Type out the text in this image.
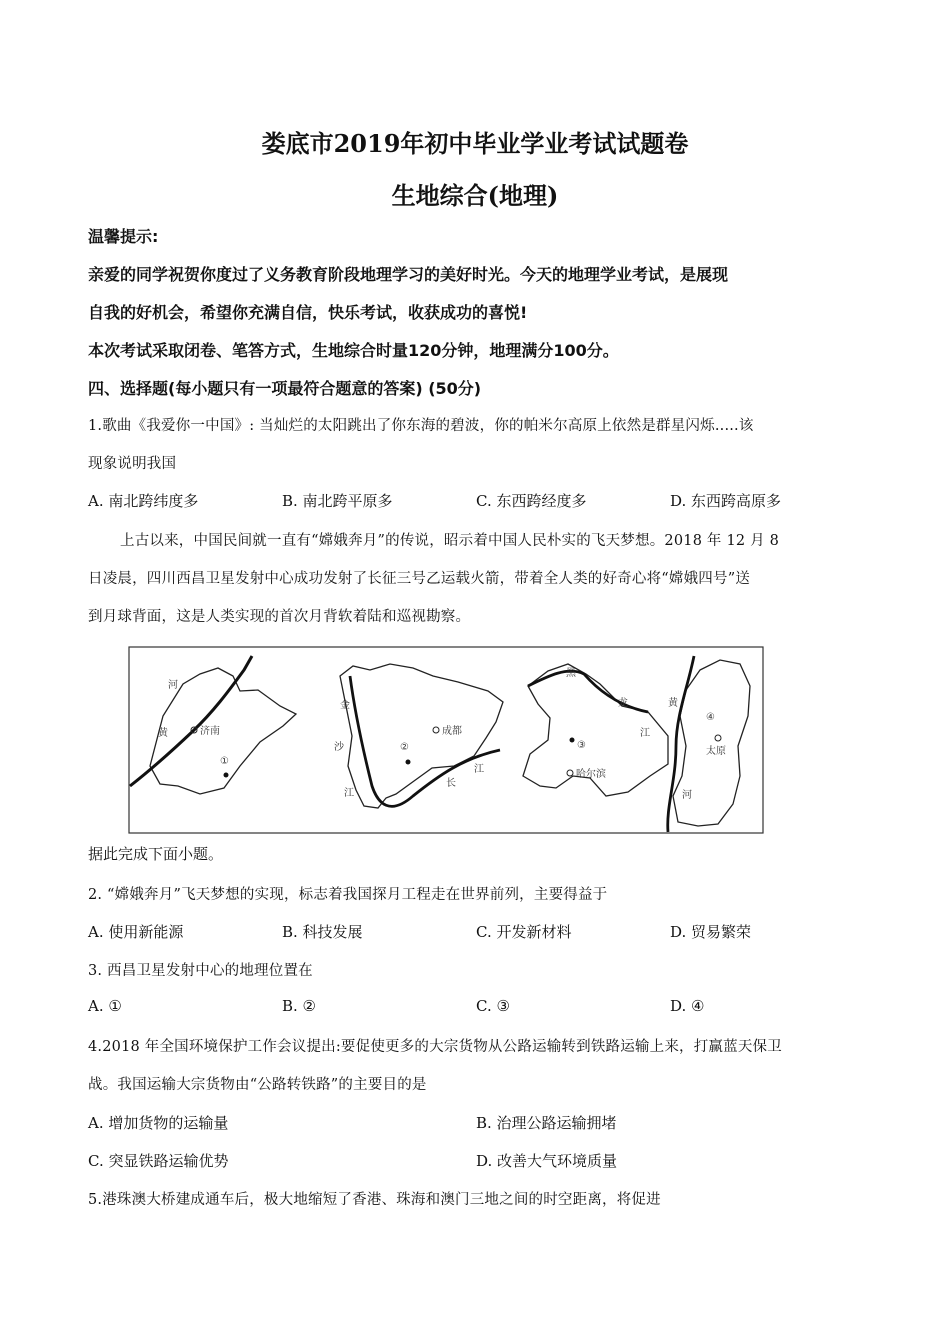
娄底市2019年初中毕业学业考试试题卷
生地综合(地理)
温馨提示:
亲爱的同学祝贺你度过了义务教育阶段地理学习的美好时光。今天的地理学业考试，是展现
自我的好机会，希望你充满自信，快乐考试，收获成功的喜悦!
本次考试采取闭卷、笔答方式，生地综合时量120分钟，地理满分100分。
四、选择题(每小题只有一项最符合题意的答案) (50分)
1.歌曲《我爱你一中国》: 当灿烂的太阳跳出了你东海的碧波，你的帕米尔高原上依然是群星闪烁.....该
现象说明我国
A. 南北跨纬度多	B. 南北跨平原多	C. 东西跨经度多	D. 东西跨高原多
上古以来，中国民间就一直有“嫦娥奔月”的传说，昭示着中国人民朴实的飞天梦想。2018 年 12 月 8
日凌晨，四川西昌卫星发射中心成功发射了长征三号乙运载火箭，带着全人类的好奇心将“嫦娥四号”送
到月球背面，这是人类实现的首次月背软着陆和巡视勘察。
河
黄	济南
①
金
沙
江
②
成都
长
江
黑
龙
江
③
哈尔滨
黄
④
太原
河
据此完成下面小题。
2. “嫦娥奔月”飞天梦想的实现，标志着我国探月工程走在世界前列，主要得益于
A. 使用新能源	B. 科技发展	C. 开发新材料	D. 贸易繁荣
3. 西昌卫星发射中心的地理位置在
A. ①	B. ②	C. ③	D. ④
4.2018 年全国环境保护工作会议提出:要促使更多的大宗货物从公路运输转到铁路运输上来，打赢蓝天保卫
战。我国运输大宗货物由“公路转铁路”的主要目的是
A. 增加货物的运输量	B. 治理公路运输拥堵
C. 突显铁路运输优势	D. 改善大气环境质量
5.港珠澳大桥建成通车后，极大地缩短了香港、珠海和澳门三地之间的时空距离，将促进
